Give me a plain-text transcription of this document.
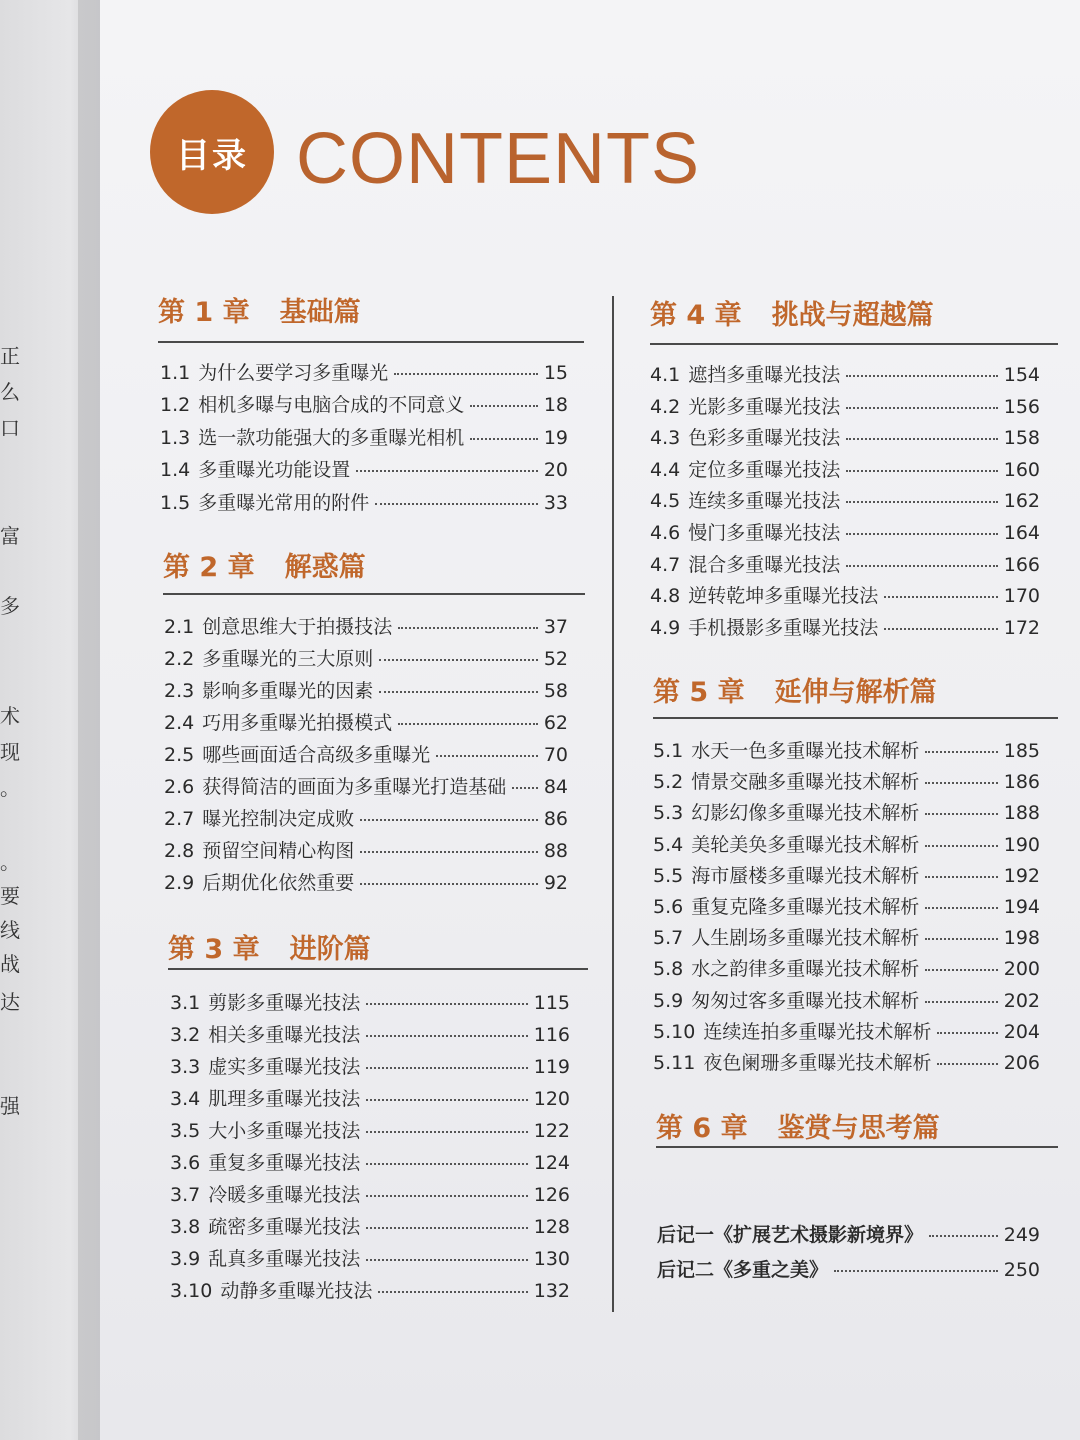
正
么
口
富
多
术
现
。
。
要
线
战
达
强
目录 CONTENTS
第 1 章 基础篇
1.1 为什么要学习多重曝光	15
1.2 相机多曝与电脑合成的不同意义	18
1.3 选一款功能强大的多重曝光相机	19
1.4 多重曝光功能设置	20
1.5 多重曝光常用的附件	33
第 2 章 解惑篇
2.1 创意思维大于拍摄技法	37
2.2 多重曝光的三大原则	52
2.3 影响多重曝光的因素	58
2.4 巧用多重曝光拍摄模式	62
2.5 哪些画面适合高级多重曝光	70
2.6 获得简洁的画面为多重曝光打造基础 84
2.7 曝光控制决定成败	86
2.8 预留空间精心构图	88
2.9 后期优化依然重要	92
第 3 章 进阶篇
3.1 剪影多重曝光技法	115
3.2 相关多重曝光技法	116
3.3 虚实多重曝光技法	119
3.4 肌理多重曝光技法	120
3.5 大小多重曝光技法	122
3.6 重复多重曝光技法	124
3.7 冷暖多重曝光技法	126
3.8 疏密多重曝光技法	128
3.9 乱真多重曝光技法	130
3.10 动静多重曝光技法	132
第 4 章 挑战与超越篇
4.1 遮挡多重曝光技法	154
4.2 光影多重曝光技法	156
4.3 色彩多重曝光技法	158
4.4 定位多重曝光技法	160
4.5 连续多重曝光技法	162
4.6 慢门多重曝光技法	164
4.7 混合多重曝光技法	166
4.8 逆转乾坤多重曝光技法	170
4.9 手机摄影多重曝光技法	172
第 5 章 延伸与解析篇
5.1 水天一色多重曝光技术解析	185
5.2 情景交融多重曝光技术解析	186
5.3 幻影幻像多重曝光技术解析	188
5.4 美轮美奂多重曝光技术解析	190
5.5 海市蜃楼多重曝光技术解析	192
5.6 重复克隆多重曝光技术解析	194
5.7 人生剧场多重曝光技术解析	198
5.8 水之韵律多重曝光技术解析	200
5.9 匆匆过客多重曝光技术解析	202
5.10 连续连拍多重曝光技术解析	204
5.11 夜色阑珊多重曝光技术解析	206
第 6 章 鉴赏与思考篇
后记一《扩展艺术摄影新境界》	249
后记二《多重之美》	250
